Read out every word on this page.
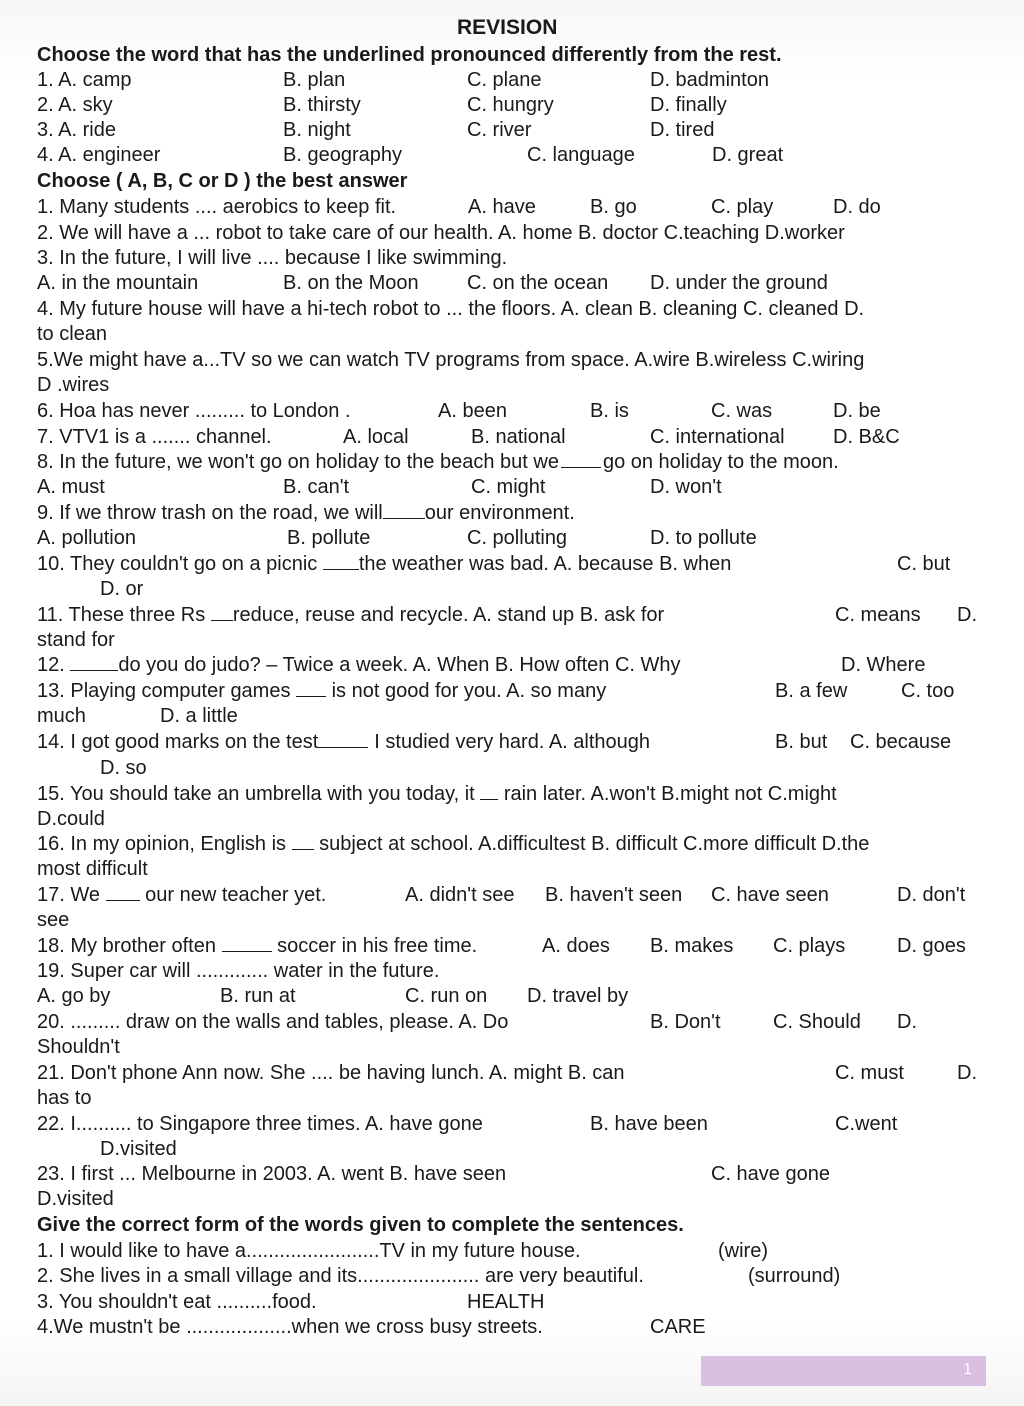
REVISION
Choose the word that has the underlined pronounced differently from the rest.
1. A. camp	B. plan	C. plane	D. badminton
2. A. sky	B. thirsty	C. hungry	D. finally
3. A. ride	B. night	C. river	D. tired
4. A. engineer	B. geography	C. language	D. great
Choose ( A, B, C or D ) the best answer
1. Many students .... aerobics to keep fit.	A. have	B. go	C. play	D. do
2. We will have a ... robot to take care of our health. A. home B. doctor C.teaching D.worker
3. In the future, I will live .... because I like swimming.
A. in the mountain	B. on the Moon C. on the ocean D. under the ground
4. My future house will have a hi-tech robot to ... the floors. A. clean B. cleaning C. cleaned D.
to clean
5.We might have a...TV so we can watch TV programs from space. A.wire B.wireless C.wiring
D .wires
6. Hoa has never ......... to London .	A. been	B. is	C. was	D. be
7. VTV1 is a ....... channel.	A. local	B. national	C. international D. B&C
8. In the future, we won't go on holiday to the beach but we go on holiday to the moon.
A. must	B. can't	C. might	D. won't
9. If we throw trash on the road, we will our environment.
A. pollution	B. pollute	C. polluting	D. to pollute
10. They couldn't go on a picnic the weather was bad. A. because B. when	C. but
D. or
11. These three Rs reduce, reuse and recycle. A. stand up B. ask for	C. means D.
stand for
12.	do you do judo? – Twice a week. A. When B. How often C. Why	D. Where
13. Playing computer games is not good for you. A. so many	B. a few	C. too
much	D. a little
14. I got good marks on the test	I studied very hard. A. although	B. but C. because
D. so
15. You should take an umbrella with you today, it rain later. A.won't B.might not C.might
D.could
16. In my opinion, English is subject at school. A.difficultest B. difficult C.more difficult D.the
most difficult
17. We our new teacher yet.	A. didn't see B. haven't seen C. have seen	D. don't
see
18. My brother often	soccer in his free time.	A. does B. makes C. plays	D. goes
19. Super car will ............. water in the future.
A. go by	B. run at	C. run on D. travel by
20. ......... draw on the walls and tables, please. A. Do	B. Don't	C. Should D.
Shouldn't
21. Don't phone Ann now. She .... be having lunch. A. might B. can	C. must	D.
has to
22. I.......... to Singapore three times. A. have gone	B. have been	C.went
D.visited
23. I first ... Melbourne in 2003. A. went B. have seen	C. have gone
D.visited
Give the correct form of the words given to complete the sentences.
1. I would like to have a........................TV in my future house.	(wire)
2. She lives in a small village and its...................... are very beautiful.	(surround)
3. You shouldn't eat ..........food.	HEALTH
4.We mustn't be ...................when we cross busy streets.	CARE
1
